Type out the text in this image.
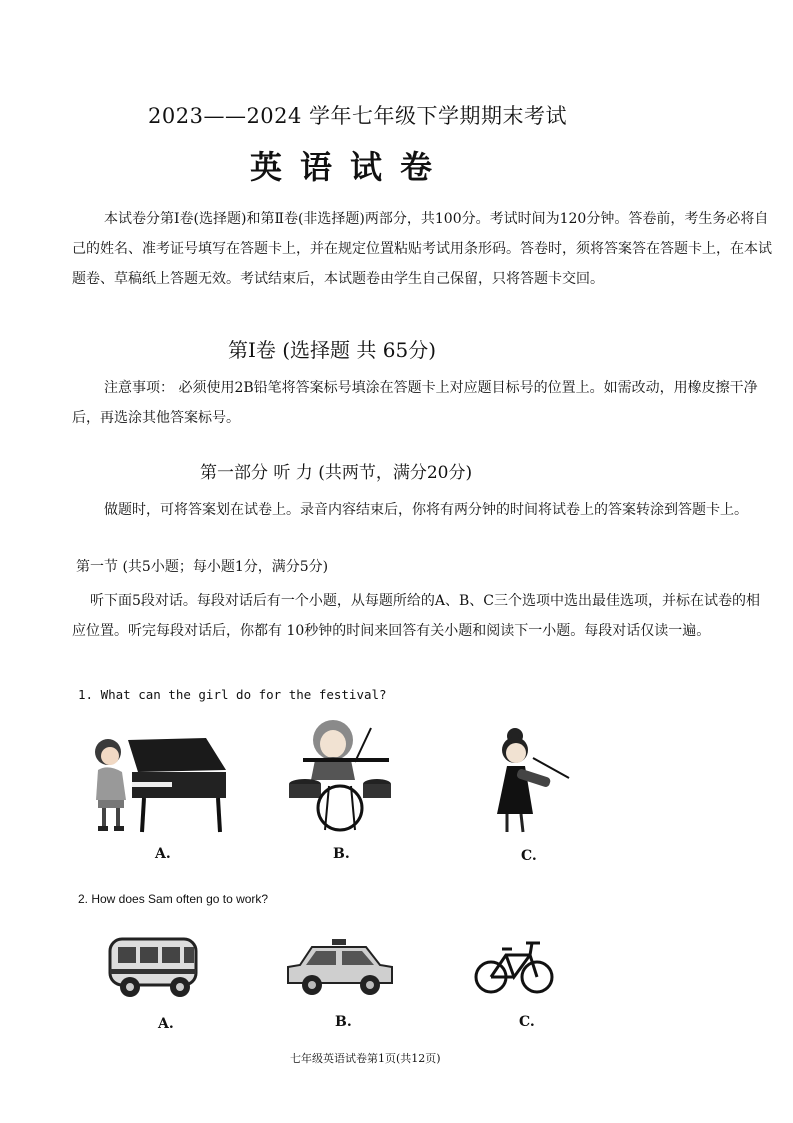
2023——2024 学年七年级下学期期末考试
英语试卷
本试卷分第Ⅰ卷(选择题)和第Ⅱ卷(非选择题)两部分，共100分。考试时间为120分钟。答卷前，考生务必将自己的姓名、准考证号填写在答题卡上，并在规定位置粘贴考试用条形码。答卷时，须将答案答在答题卡上，在本试题卷、草稿纸上答题无效。考试结束后，本试题卷由学生自己保留，只将答题卡交回。
第Ⅰ卷 (选择题 共 65分)
注意事项： 必须使用2B铅笔将答案标号填涂在答题卡上对应题目标号的位置上。如需改动，用橡皮擦干净后，再选涂其他答案标号。
第一部分 听 力 (共两节，满分20分)
做题时，可将答案划在试卷上。录音内容结束后，你将有两分钟的时间将试卷上的答案转涂到答题卡上。
第一节 (共5小题；每小题1分，满分5分)
听下面5段对话。每段对话后有一个小题，从每题所给的A、B、C三个选项中选出最佳选项，并标在试卷的相应位置。听完每段对话后，你都有 10秒钟的时间来回答有关小题和阅读下一小题。每段对话仅读一遍。
1. What can the girl do for the festival?
A.	B.	C.
2. How does Sam often go to work?
A.	B.	C.
七年级英语试卷第1页(共12页)
